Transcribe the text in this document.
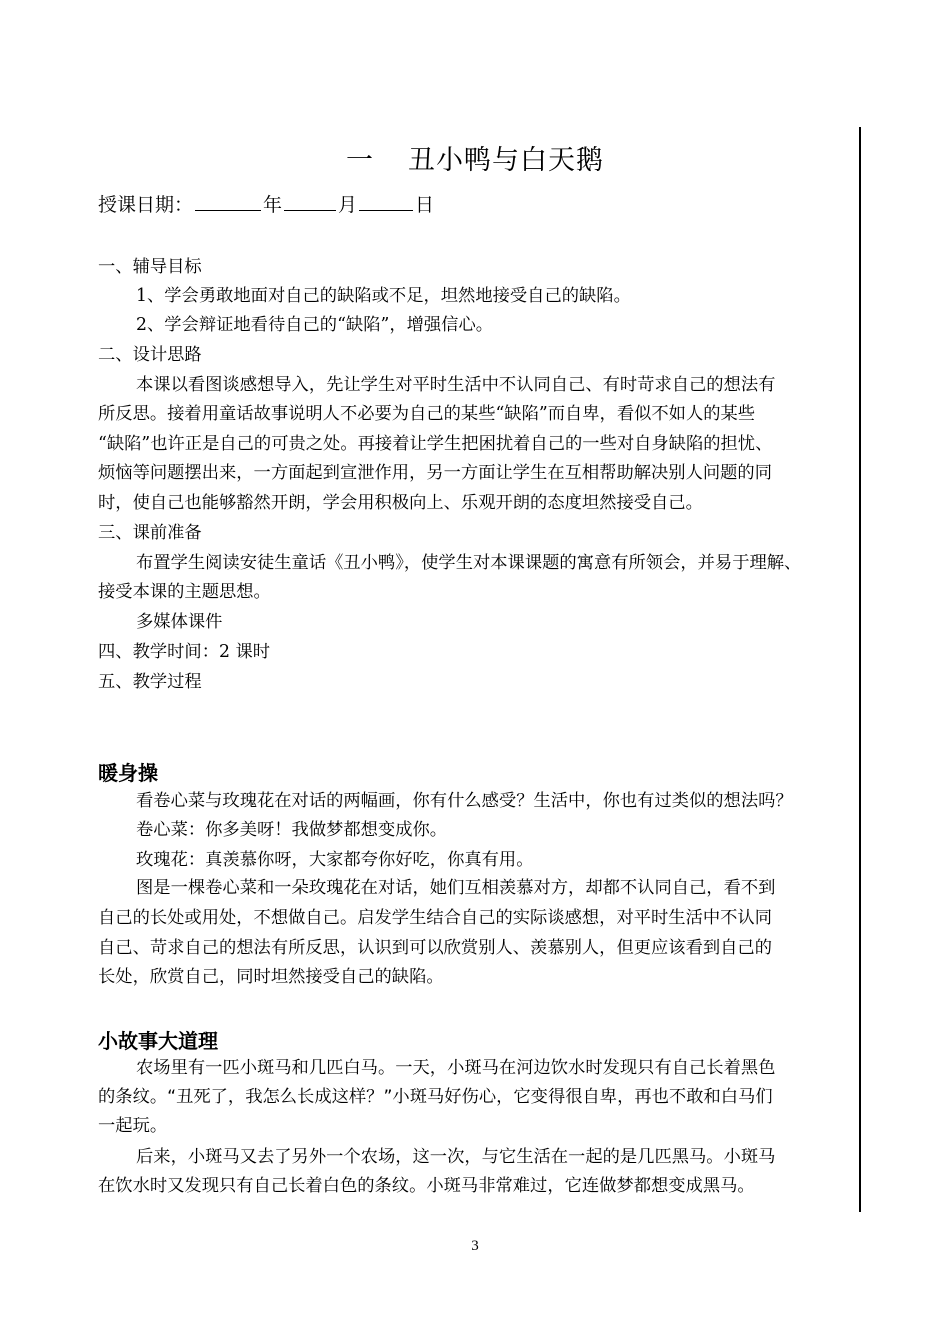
一 丑小鸭与白天鹅
授课日期：	年	月	日
一、辅导目标
1、学会勇敢地面对自己的缺陷或不足，坦然地接受自己的缺陷。
2、学会辩证地看待自己的“缺陷”，增强信心。
二、设计思路
本课以看图谈感想导入，先让学生对平时生活中不认同自己、有时苛求自己的想法有
所反思。接着用童话故事说明人不必要为自己的某些“缺陷”而自卑，看似不如人的某些
“缺陷”也许正是自己的可贵之处。再接着让学生把困扰着自己的一些对自身缺陷的担忧、
烦恼等问题摆出来，一方面起到宣泄作用，另一方面让学生在互相帮助解决别人问题的同
时，使自己也能够豁然开朗，学会用积极向上、乐观开朗的态度坦然接受自己。
三、课前准备
布置学生阅读安徒生童话《丑小鸭》，使学生对本课课题的寓意有所领会，并易于理解、
接受本课的主题思想。
多媒体课件
四、教学时间：2 课时
五、教学过程
暖身操
看卷心菜与玫瑰花在对话的两幅画，你有什么感受？生活中，你也有过类似的想法吗？
卷心菜：你多美呀！我做梦都想变成你。
玫瑰花：真羡慕你呀，大家都夸你好吃，你真有用。
图是一棵卷心菜和一朵玫瑰花在对话，她们互相羡慕对方，却都不认同自己，看不到
自己的长处或用处，不想做自己。启发学生结合自己的实际谈感想，对平时生活中不认同
自己、苛求自己的想法有所反思，认识到可以欣赏别人、羡慕别人，但更应该看到自己的
长处，欣赏自己，同时坦然接受自己的缺陷。
小故事大道理
农场里有一匹小斑马和几匹白马。一天，小斑马在河边饮水时发现只有自己长着黑色
的条纹。“丑死了，我怎么长成这样？”小斑马好伤心，它变得很自卑，再也不敢和白马们
一起玩。
后来，小斑马又去了另外一个农场，这一次，与它生活在一起的是几匹黑马。小斑马
在饮水时又发现只有自己长着白色的条纹。小斑马非常难过，它连做梦都想变成黑马。
3
